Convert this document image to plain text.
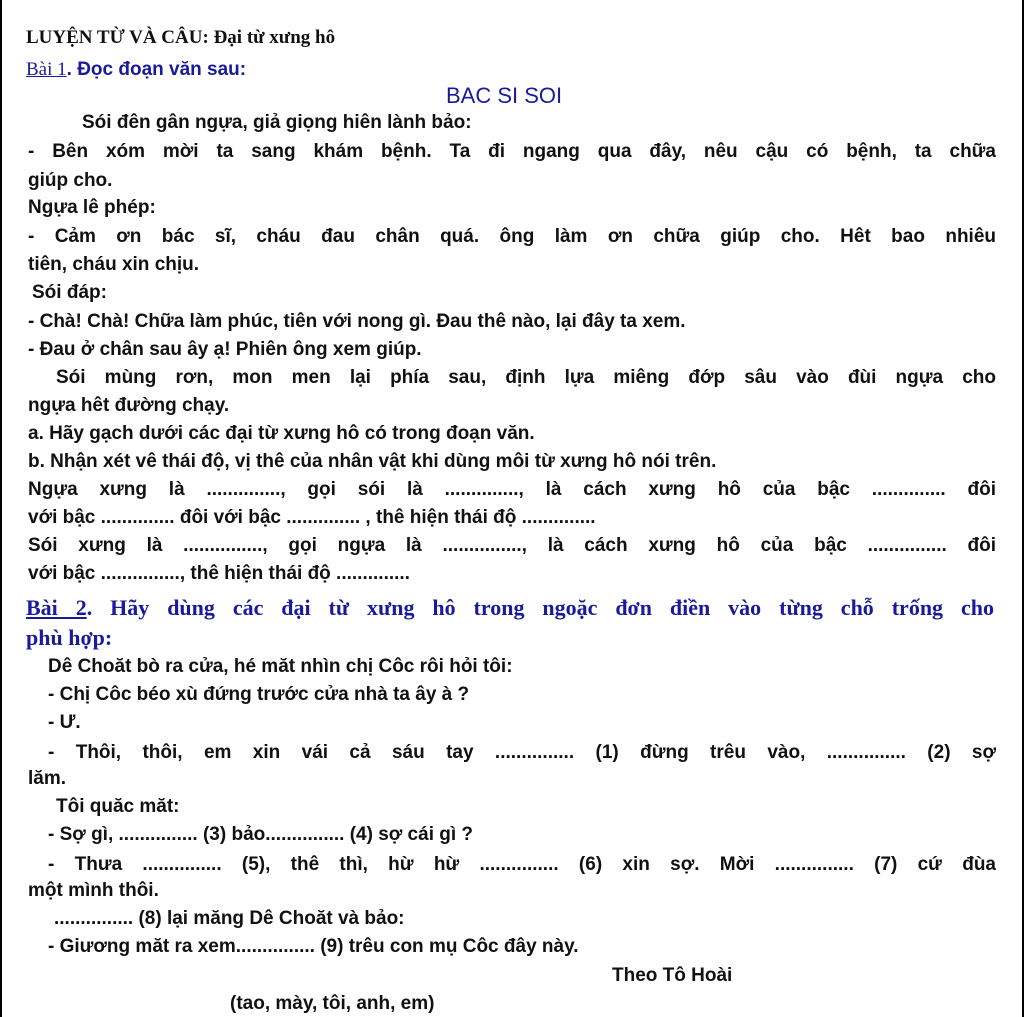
LUYỆN TỪ VÀ CÂU: Đại từ xưng hô
Bài 1. Đọc đoạn văn sau:
BAC SI SOI
Sói đên gân ngựa, giả giọng hiên lành bảo:
- Bên xóm mời ta sang khám bệnh. Ta đi ngang qua đây, nêu cậu có bệnh, ta chữa
giúp cho.
Ngựa lê phép:
- Cảm ơn bác sĩ, cháu đau chân quá. ông làm ơn chữa giúp cho. Hêt bao nhiêu
tiên, cháu xin chịu.
Sói đáp:
- Chà! Chà! Chữa làm phúc, tiên với nong gì. Đau thê nào, lại đây ta xem.
- Đau ở chân sau ây ạ! Phiên ông xem giúp.
Sói mùng rơn, mon men lại phía sau, định lựa miêng đớp sâu vào đùi ngựa cho
ngựa hêt đường chạy.
a. Hãy gạch dưới các đại từ xưng hô có trong đoạn văn.
b. Nhận xét vê thái độ, vị thê của nhân vật khi dùng môi từ xưng hô nói trên.
Ngựa xưng là .............., gọi sói là .............., là cách xưng hô của bậc .............. đôi
với bậc .............. đôi với bậc .............. , thê hiện thái độ ..............
Sói xưng là ..............., gọi ngựa là ..............., là cách xưng hô của bậc ............... đôi
với bậc ..............., thê hiện thái độ ..............
Bài 2. Hãy dùng các đại từ xưng hô trong ngoặc đơn điền vào từng chỗ trống cho
phù hợp:
Dê Choăt bò ra cửa, hé măt nhìn chị Côc rôi hỏi tôi:
- Chị Côc béo xù đứng trước cửa nhà ta ây à ?
- Ư.
- Thôi, thôi, em xin vái cả sáu tay ............... (1) đừng trêu vào, ............... (2) sợ
lăm.
Tôi quăc măt:
- Sợ gì, ............... (3) bảo............... (4) sợ cái gì ?
- Thưa ............... (5), thê thì, hừ hừ ............... (6) xin sợ. Mời ............... (7) cứ đùa
một mình thôi.
............... (8) lại măng Dê Choăt và bảo:
- Giương măt ra xem............... (9) trêu con mụ Côc đây này.
Theo Tô Hoài
(tao, mày, tôi, anh, em)
